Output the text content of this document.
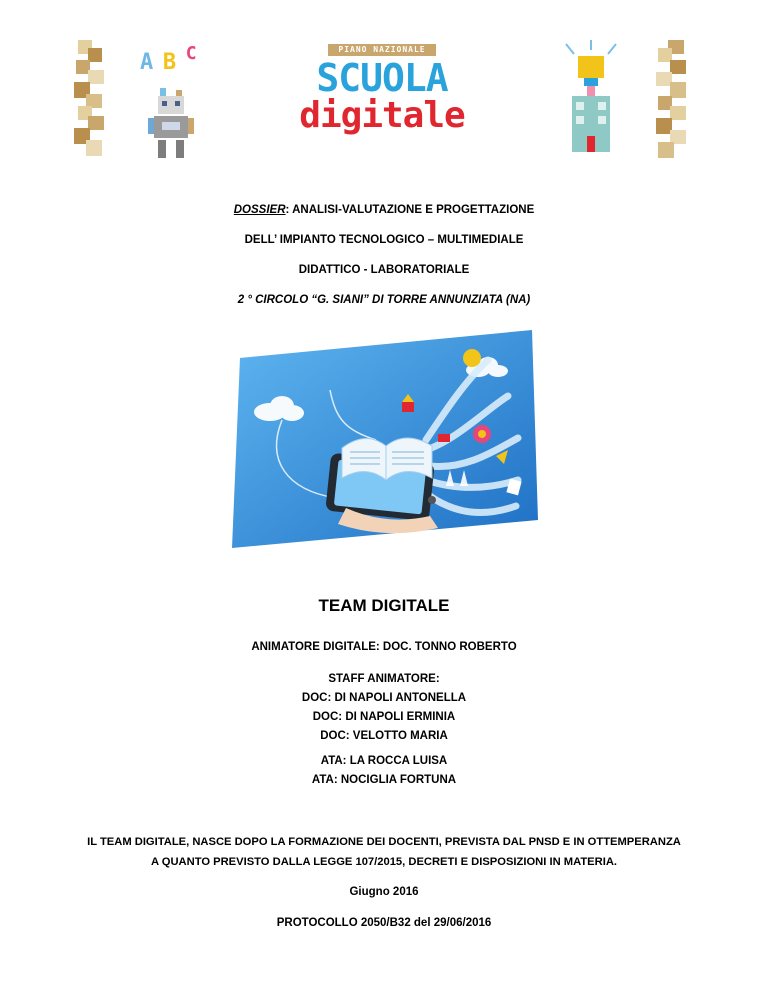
A B C	PIANO NAZIONALE
SCUOLA
digitale
DOSSIER: ANALISI-VALUTAZIONE E PROGETTAZIONE
DELL’ IMPIANTO TECNOLOGICO – MULTIMEDIALE
DIDATTICO - LABORATORIALE
2 ° CIRCOLO “G. SIANI” DI TORRE ANNUNZIATA (NA)
TEAM DIGITALE
ANIMATORE DIGITALE: DOC. TONNO ROBERTO
STAFF ANIMATORE:
DOC: DI NAPOLI ANTONELLA
DOC: DI NAPOLI ERMINIA
DOC: VELOTTO MARIA
ATA: LA ROCCA LUISA
ATA: NOCIGLIA FORTUNA
IL TEAM DIGITALE, NASCE DOPO LA FORMAZIONE DEI DOCENTI, PREVISTA DAL PNSD E IN OTTEMPERANZA
A QUANTO PREVISTO DALLA LEGGE 107/2015, DECRETI E DISPOSIZIONI IN MATERIA.
Giugno 2016
PROTOCOLLO 2050/B32 del 29/06/2016
